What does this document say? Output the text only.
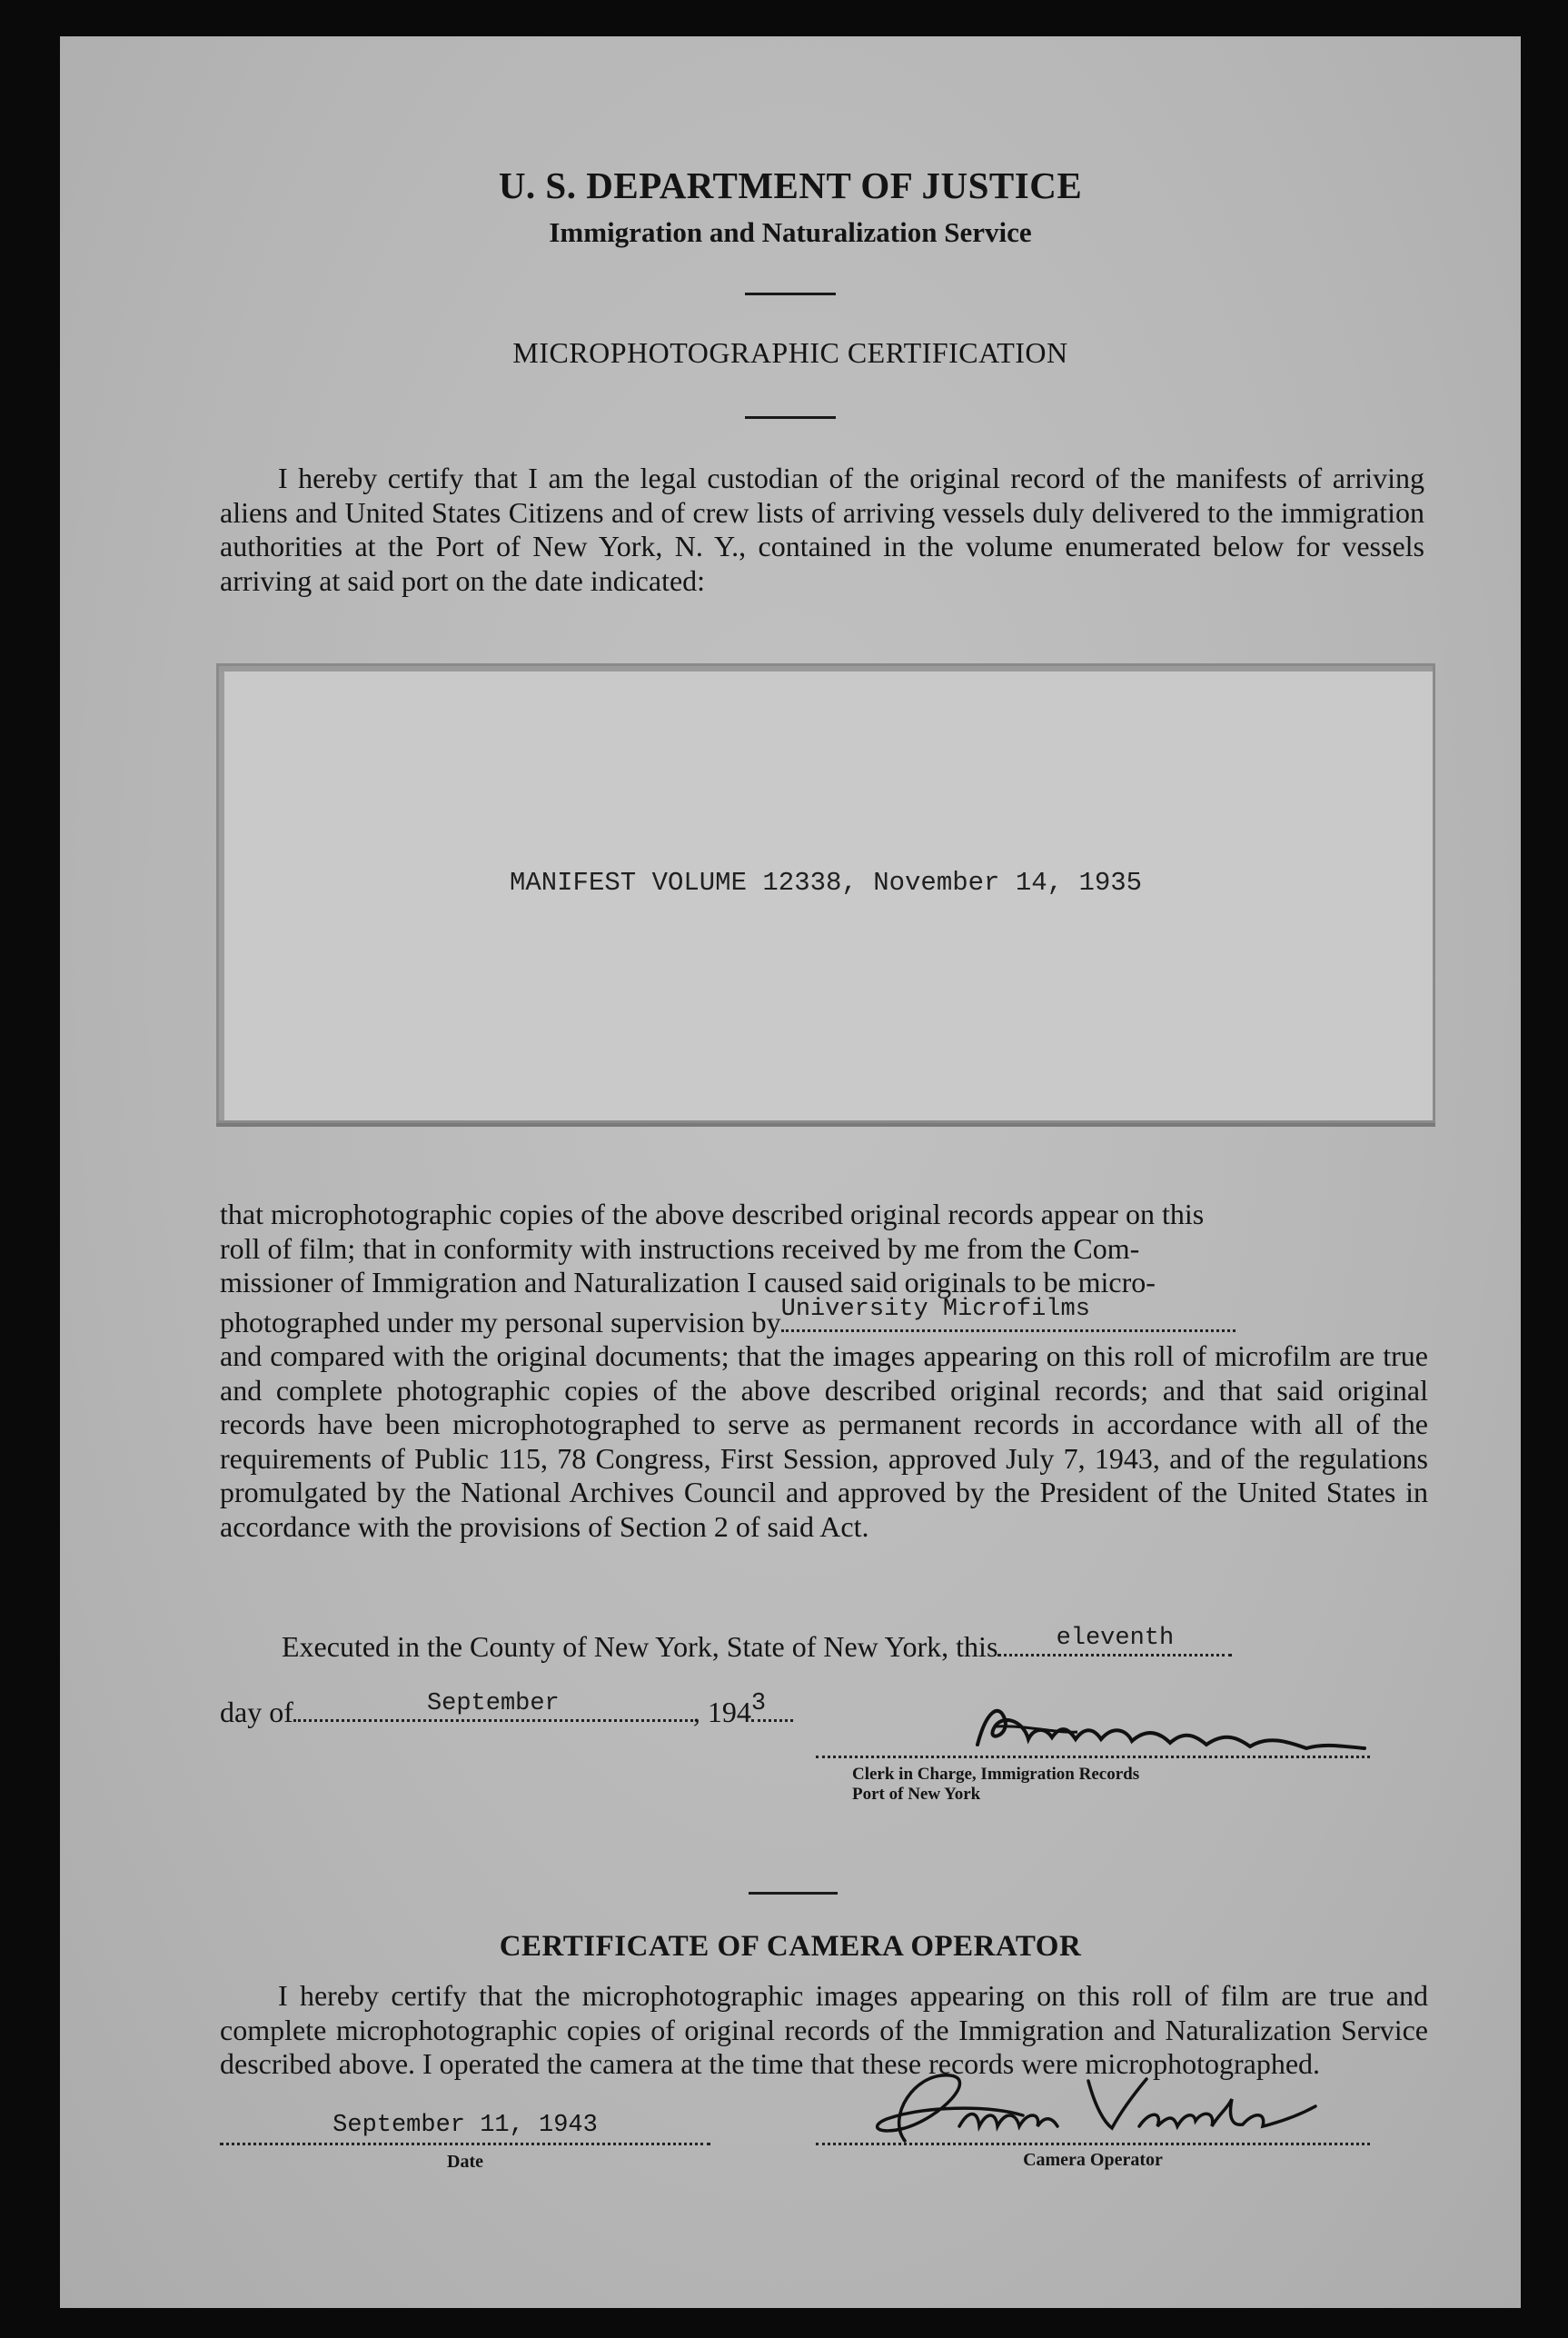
U. S. DEPARTMENT OF JUSTICE
Immigration and Naturalization Service
MICROPHOTOGRAPHIC CERTIFICATION
I hereby certify that I am the legal custodian of the original record of the manifests of arriving aliens and United States Citizens and of crew lists of arriving vessels duly delivered to the immigration authorities at the Port of New York, N. Y., contained in the volume enumerated below for vessels arriving at said port on the date indicated:
MANIFEST VOLUME 12338, November 14, 1935
that microphotographic copies of the above described original records appear on this
roll of film; that in conformity with instructions received by me from the Com-
missioner of Immigration and Naturalization I caused said originals to be micro-
photographed under my personal supervision by University Microfilms
and compared with the original documents; that the images appearing on this roll of microfilm are true and complete photographic copies of the above described original records; and that said original records have been microphotographed to serve as permanent records in accordance with all of the requirements of Public 115, 78 Congress, First Session, approved July 7, 1943, and of the regulations promulgated by the National Archives Council and approved by the President of the United States in accordance with the provisions of Section 2 of said Act.
Executed in the County of New York, State of New York, this	eleventh
day of	September	, 194 3
Clerk in Charge, Immigration Records
Port of New York
CERTIFICATE OF CAMERA OPERATOR
I hereby certify that the microphotographic images appearing on this roll of film are true and complete microphotographic copies of original records of the Immigration and Naturalization Service described above. I operated the camera at the time that these records were microphotographed.
September 11, 1943
Date	Camera Operator
